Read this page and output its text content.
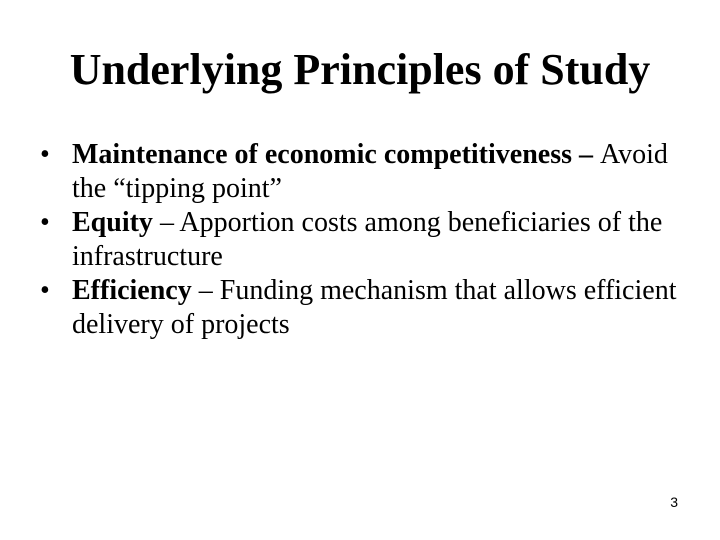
Underlying Principles of Study
• Maintenance of economic competitiveness – Avoid the “tipping point”
• Equity – Apportion costs among beneficiaries of the infrastructure
• Efficiency – Funding mechanism that allows efficient delivery of projects
3
